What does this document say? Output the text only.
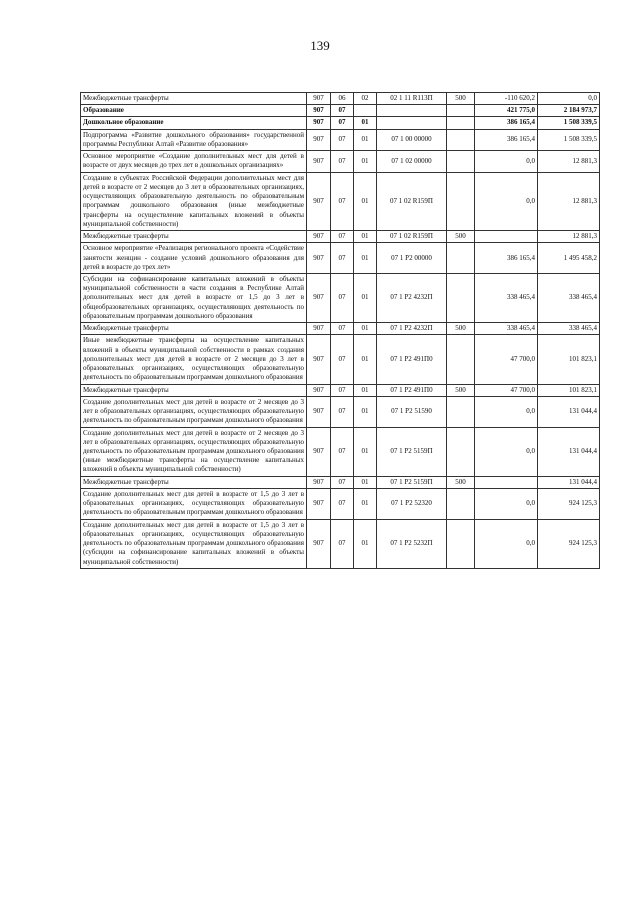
139
Межбюджетные трансферты	907	06	02	02 1 11 R113П	500	-110 620,2	0,0
Образование	907	07				421 775,0	2 184 973,7
Дошкольное образование	907	07	01			386 165,4	1 508 339,5
Подпрограмма «Развитие дошкольного образования» государственной программы Республики Алтай «Развитие образования»	907	07	01	07 1 00 00000		386 165,4	1 508 339,5
Основное мероприятие «Создание дополнительных мест для детей в возрасте от двух месяцев до трех лет в дошкольных организациях»	907	07	01	07 1 02 00000		0,0	12 881,3
Создание в субъектах Российской Федерации дополнительных мест для детей в возрасте от 2 месяцев до 3 лет в образовательных организациях, осуществляющих образовательную деятельность по образовательным программам дошкольного образования (иные межбюджетные трансферты на осуществление капитальных вложений в объекты муниципальной собственности)	907	07	01	07 1 02 R159П		0,0	12 881,3
Межбюджетные трансферты	907	07	01	07 1 02 R159П	500		12 881,3
Основное мероприятие «Реализация регионального проекта «Содействие занятости женщин - создание условий дошкольного образования для детей в возрасте до трех лет»	907	07	01	07 1 P2 00000		386 165,4	1 495 458,2
Субсидии на софинансирование капитальных вложений в объекты муниципальной собственности в части создания в Республике Алтай дополнительных мест для детей в возрасте от 1,5 до 3 лет в общеобразовательных организациях, осуществляющих деятельность по образовательным программам дошкольного образования	907	07	01	07 1 P2 4232П		338 465,4	338 465,4
Межбюджетные трансферты	907	07	01	07 1 P2 4232П	500	338 465,4	338 465,4
Иные межбюджетные трансферты на осуществление капитальных вложений в объекты муниципальной собственности в рамках создания дополнительных мест для детей в возрасте от 2 месяцев до 3 лет в образовательных организациях, осуществляющих образовательную деятельность по образовательным программам дошкольного образования	907	07	01	07 1 P2 491П0		47 700,0	101 823,1
Межбюджетные трансферты	907	07	01	07 1 P2 491П0	500	47 700,0	101 823,1
Создание дополнительных мест для детей в возрасте от 2 месяцев до 3 лет в образовательных организациях, осуществляющих образовательную деятельность по образовательным программам дошкольного образования	907	07	01	07 1 P2 51590		0,0	131 044,4
Создание дополнительных мест для детей в возрасте от 2 месяцев до 3 лет в образовательных организациях, осуществляющих образовательную деятельность по образовательным программам дошкольного образования (иные межбюджетные трансферты на осуществление капитальных вложений в объекты муниципальной собственности)	907	07	01	07 1 P2 5159П		0,0	131 044,4
Межбюджетные трансферты	907	07	01	07 1 P2 5159П	500		131 044,4
Создание дополнительных мест для детей в возрасте от 1,5 до 3 лет в образовательных организациях, осуществляющих образовательную деятельность по образовательным программам дошкольного образования	907	07	01	07 1 P2 52320		0,0	924 125,3
Создание дополнительных мест для детей в возрасте от 1,5 до 3 лет в образовательных организациях, осуществляющих образовательную деятельность по образовательным программам дошкольного образования (субсидии на софинансирование капитальных вложений в объекты муниципальной собственности)	907	07	01	07 1 P2 5232П		0,0	924 125,3
